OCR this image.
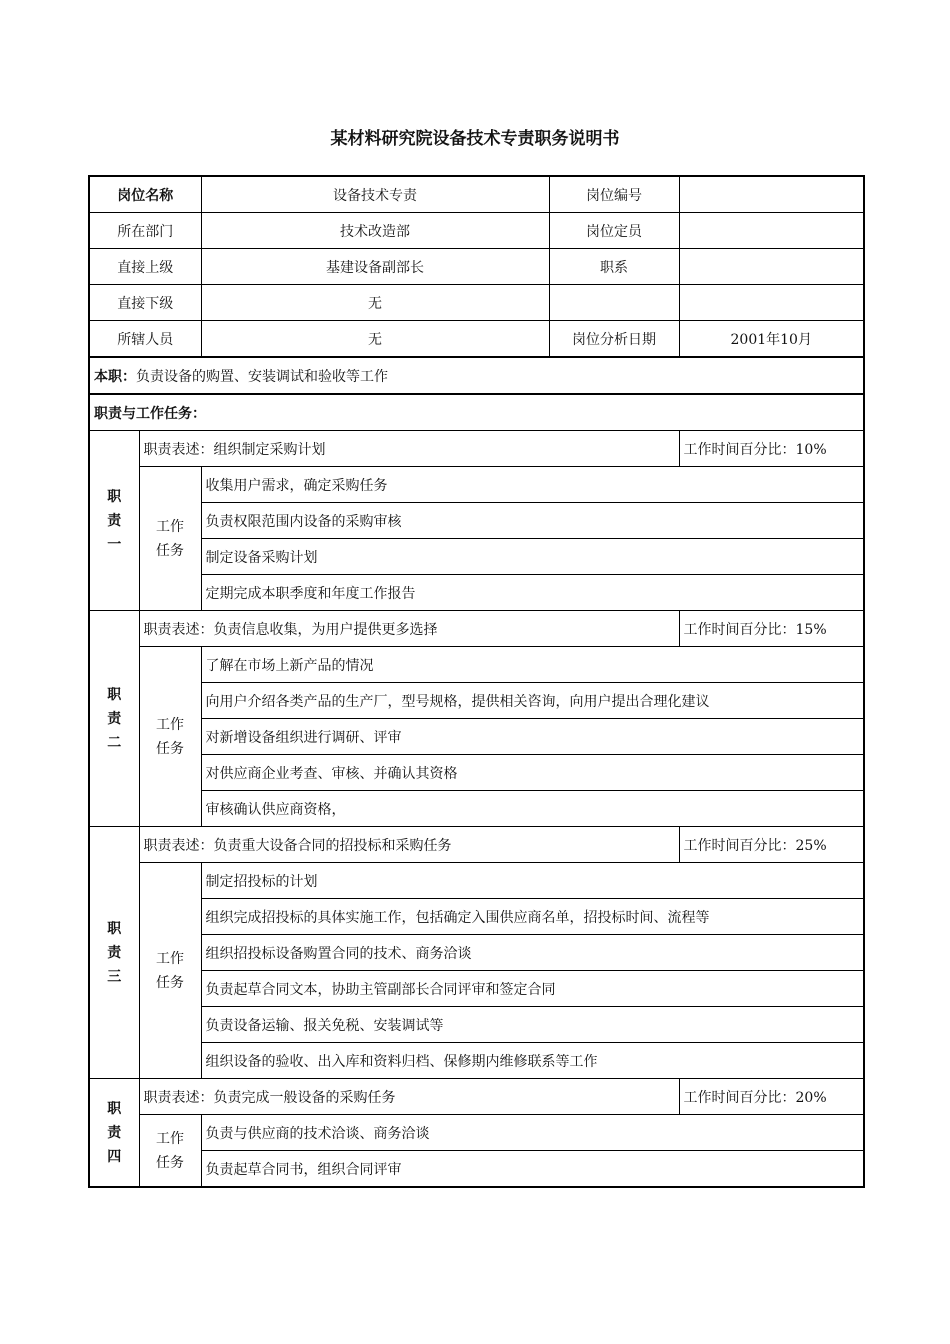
某材料研究院设备技术专责职务说明书
岗位名称		设备技术专责	岗位编号	
所在部门		技术改造部	岗位定员	
直接上级		基建设备副部长	职系	
直接下级		无		
所辖人员		无	岗位分析日期	2001年10月
本职：负责设备的购置、安装调试和验收等工作				
职责与工作任务：				
职责一	职责表述：组织制定采购计划			工作时间百分比：10%
	工作任务	收集用户需求，确定采购任务		
		负责权限范围内设备的采购审核		
		制定设备采购计划		
		定期完成本职季度和年度工作报告		
职责二	职责表述：负责信息收集，为用户提供更多选择			工作时间百分比：15%
	工作任务	了解在市场上新产品的情况		
		向用户介绍各类产品的生产厂，型号规格，提供相关咨询，向用户提出合理化建议		
		对新增设备组织进行调研、评审		
		对供应商企业考查、审核、并确认其资格		
		审核确认供应商资格，		
职责三	职责表述：负责重大设备合同的招投标和采购任务			工作时间百分比：25%
	工作任务	制定招投标的计划		
		组织完成招投标的具体实施工作，包括确定入围供应商名单，招投标时间、流程等		
		组织招投标设备购置合同的技术、商务洽谈		
		负责起草合同文本，协助主管副部长合同评审和签定合同		
		负责设备运输、报关免税、安装调试等		
		组织设备的验收、出入库和资料归档、保修期内维修联系等工作		
职责四	职责表述：负责完成一般设备的采购任务			工作时间百分比：20%
	工作任务	负责与供应商的技术洽谈、商务洽谈		
		负责起草合同书，组织合同评审		
